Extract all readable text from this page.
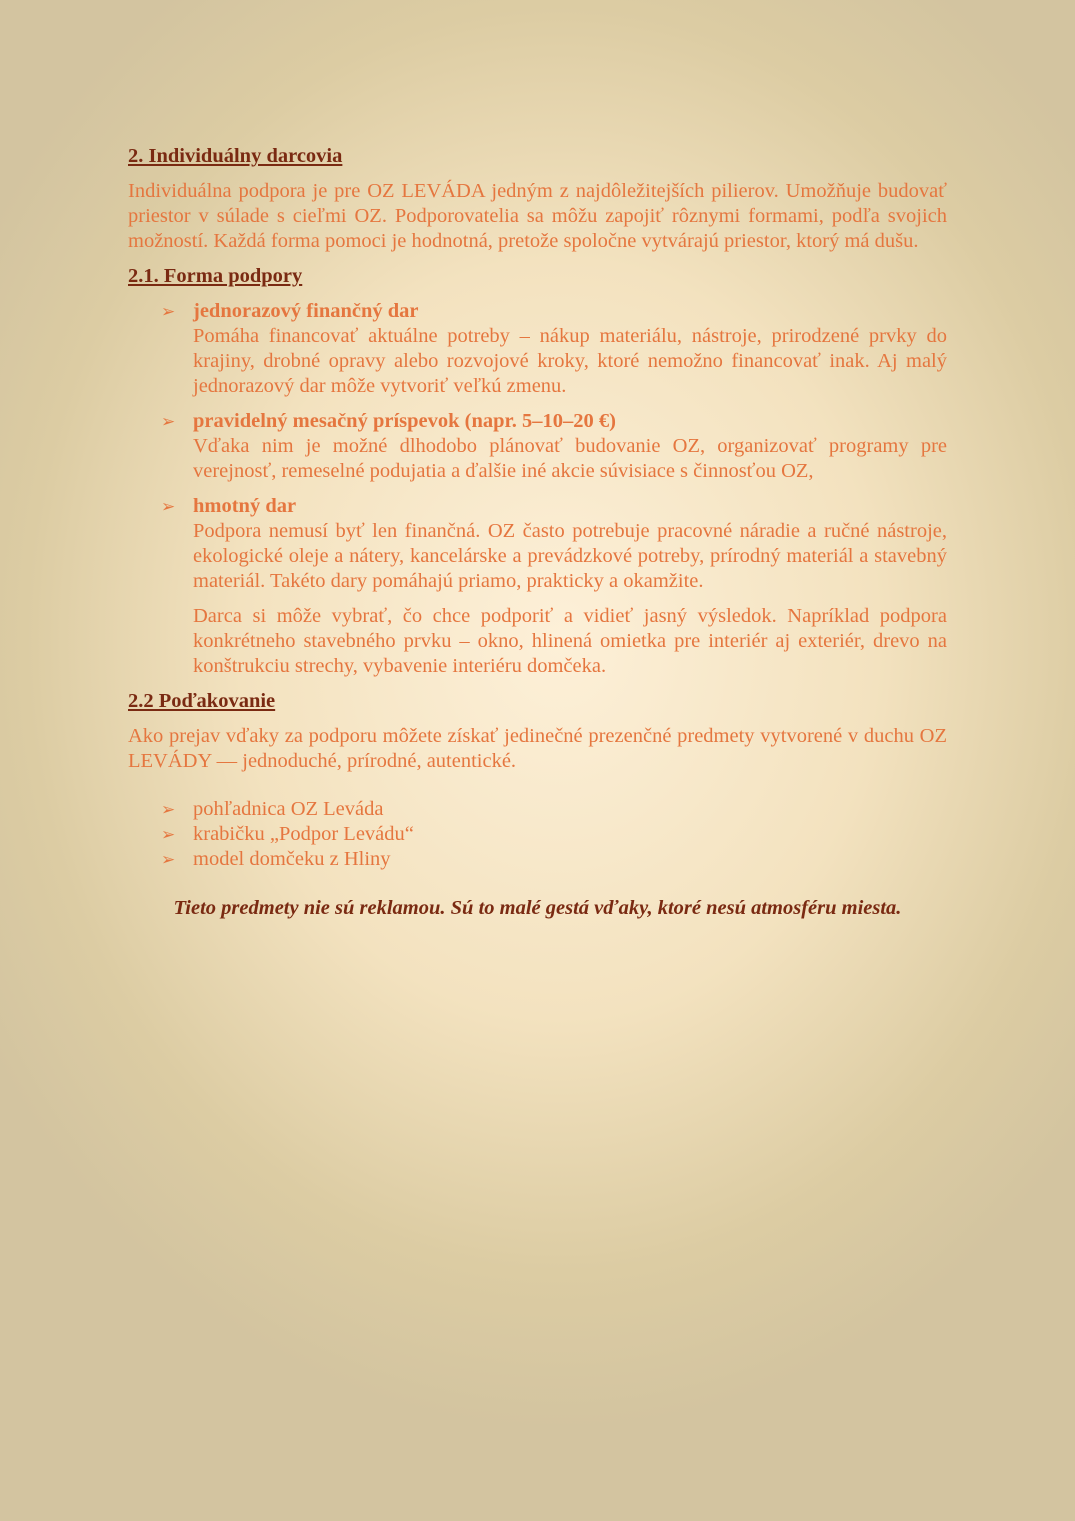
2. Individuálny darcovia

Individuálna podpora je pre OZ LEVÁDA jedným z najdôležitejších pilierov. Umožňuje budovať priestor v súlade s cieľmi OZ. Podporovatelia sa môžu zapojiť rôznymi formami, podľa svojich možností. Každá forma pomoci je hodnotná, pretože spoločne vytvárajú priestor, ktorý má dušu.

2.1. Forma podpory
➢ jednorazový finančný dar
Pomáha financovať aktuálne potreby – nákup materiálu, nástroje, prirodzené prvky do krajiny, drobné opravy alebo rozvojové kroky, ktoré nemožno financovať inak. Aj malý jednorazový dar môže vytvoriť veľkú zmenu.
➢ pravidelný mesačný príspevok (napr. 5–10–20 €)
Vďaka nim je možné dlhodobo plánovať budovanie OZ, organizovať programy pre verejnosť, remeselné podujatia a ďalšie iné akcie súvisiace s činnosťou OZ,
➢ hmotný dar
Podpora nemusí byť len finančná. OZ často potrebuje pracovné náradie a ručné nástroje, ekologické oleje a nátery, kancelárske a prevádzkové potreby, prírodný materiál a stavebný materiál. Takéto dary pomáhajú priamo, prakticky a okamžite.
Darca si môže vybrať, čo chce podporiť a vidieť jasný výsledok. Napríklad podpora konkrétneho stavebného prvku – okno, hlinená omietka pre interiér aj exteriér, drevo na konštrukciu strechy, vybavenie interiéru domčeka.
2.2 Poďakovanie

Ako prejav vďaky za podporu môžete získať jedinečné prezenčné predmety vytvorené v duchu OZ LEVÁDY — jednoduché, prírodné, autentické.

➢ pohľadnica OZ Leváda
➢ krabičku „Podpor Levádu“
➢ model domčeku z Hliny
Tieto predmety nie sú reklamou. Sú to malé gestá vďaky, ktoré nesú atmosféru miesta.
